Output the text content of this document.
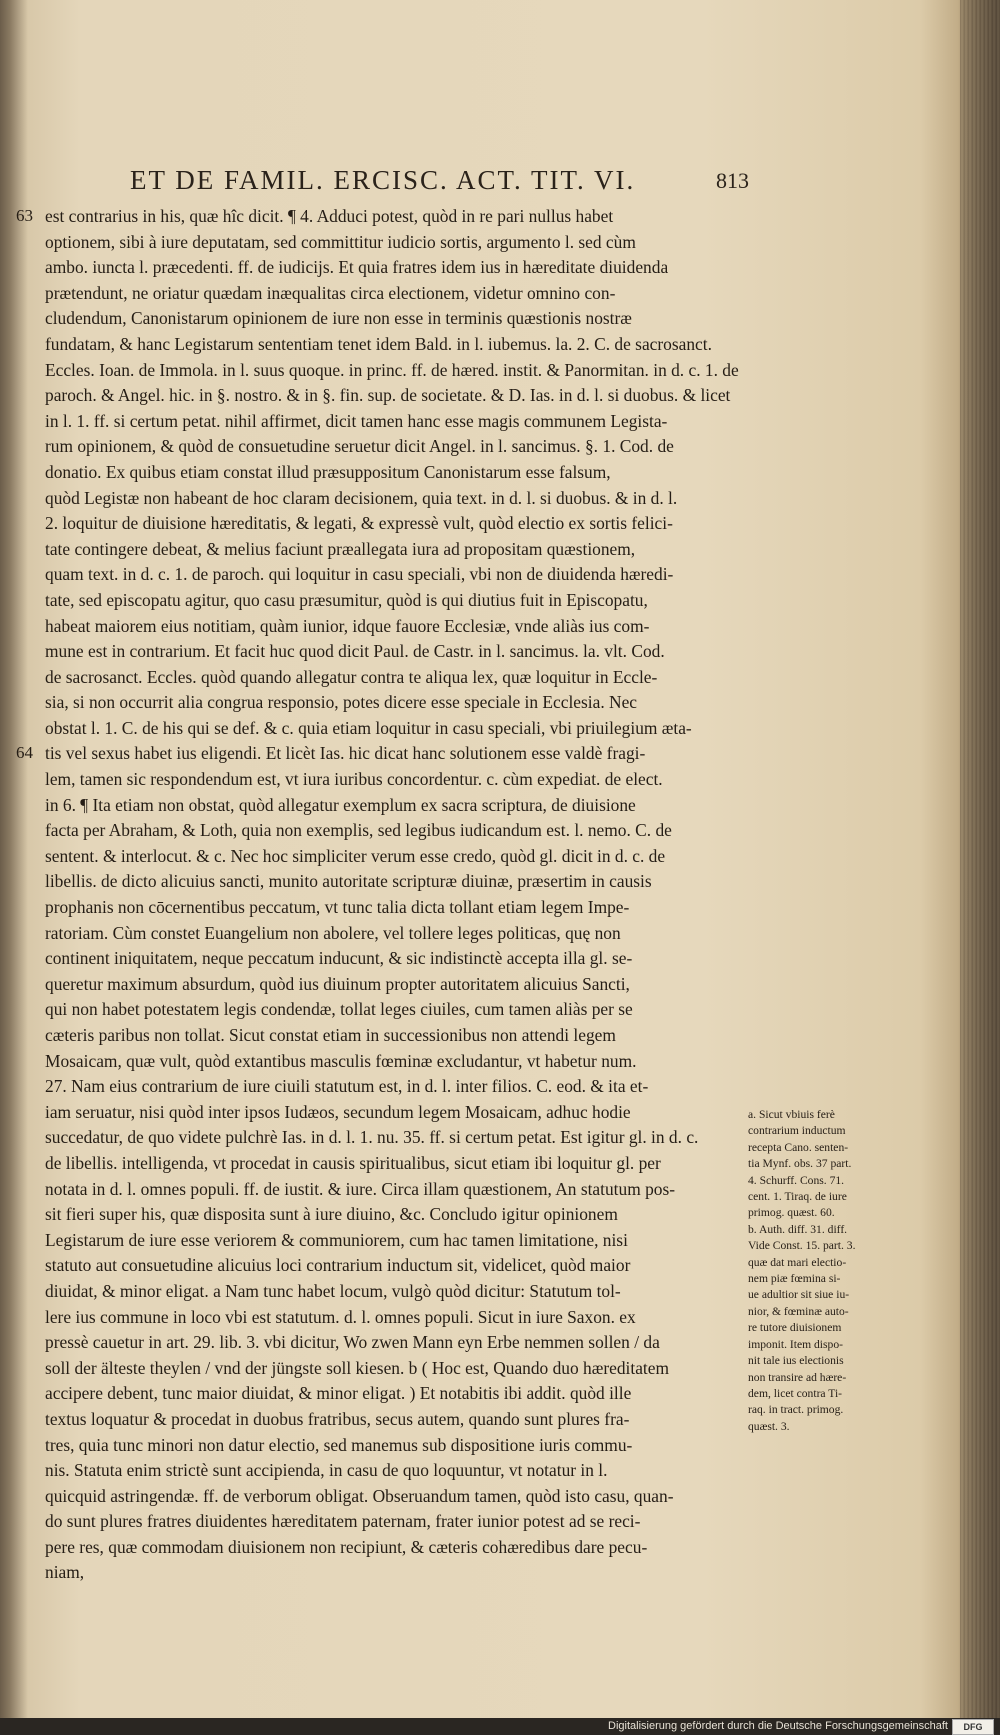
ET DE FAMIL. ERCISC. ACT. TIT. VI.	813
63
64
est contrarius in his, quæ hîc dicit. ¶ 4. Adduci potest, quòd in re pari nullus habet
optionem, sibi à iure deputatam, sed committitur iudicio sortis, argumento l. sed cùm
ambo. iuncta l. præcedenti. ff. de iudicijs. Et quia fratres idem ius in hæreditate diuidenda
prætendunt, ne oriatur quædam inæqualitas circa electionem, videtur omnino con-
cludendum, Canonistarum opinionem de iure non esse in terminis quæstionis nostræ
fundatam, & hanc Legistarum sententiam tenet idem Bald. in l. iubemus. la. 2. C. de sacrosanct.
Eccles. Ioan. de Immola. in l. suus quoque. in princ. ff. de hæred. instit. & Panormitan. in d. c. 1. de
paroch. & Angel. hic. in §. nostro. & in §. fin. sup. de societate. & D. Ias. in d. l. si duobus. & licet
in l. 1. ff. si certum petat. nihil affirmet, dicit tamen hanc esse magis communem Legista-
rum opinionem, & quòd de consuetudine seruetur dicit Angel. in l. sancimus. §. 1. Cod. de
donatio. Ex quibus etiam constat illud præsuppositum Canonistarum esse falsum,
quòd Legistæ non habeant de hoc claram decisionem, quia text. in d. l. si duobus. & in d. l.
2. loquitur de diuisione hæreditatis, & legati, & expressè vult, quòd electio ex sortis felici-
tate contingere debeat, & melius faciunt præallegata iura ad propositam quæstionem,
quam text. in d. c. 1. de paroch. qui loquitur in casu speciali, vbi non de diuidenda hæredi-
tate, sed episcopatu agitur, quo casu præsumitur, quòd is qui diutius fuit in Episcopatu,
habeat maiorem eius notitiam, quàm iunior, idque fauore Ecclesiæ, vnde aliàs ius com-
mune est in contrarium. Et facit huc quod dicit Paul. de Castr. in l. sancimus. la. vlt. Cod.
de sacrosanct. Eccles. quòd quando allegatur contra te aliqua lex, quæ loquitur in Eccle-
sia, si non occurrit alia congrua responsio, potes dicere esse speciale in Ecclesia. Nec
obstat l. 1. C. de his qui se def. & c. quia etiam loquitur in casu speciali, vbi priuilegium æta-
tis vel sexus habet ius eligendi. Et licèt Ias. hic dicat hanc solutionem esse valdè fragi-
lem, tamen sic respondendum est, vt iura iuribus concordentur. c. cùm expediat. de elect.
in 6. ¶ Ita etiam non obstat, quòd allegatur exemplum ex sacra scriptura, de diuisione
facta per Abraham, & Loth, quia non exemplis, sed legibus iudicandum est. l. nemo. C. de
sentent. & interlocut. & c. Nec hoc simpliciter verum esse credo, quòd gl. dicit in d. c. de
libellis. de dicto alicuius sancti, munito autoritate scripturæ diuinæ, præsertim in causis
prophanis non cōcernentibus peccatum, vt tunc talia dicta tollant etiam legem Impe-
ratoriam. Cùm constet Euangelium non abolere, vel tollere leges politicas, quę non
continent iniquitatem, neque peccatum inducunt, & sic indistinctè accepta illa gl. se-
queretur maximum absurdum, quòd ius diuinum propter autoritatem alicuius Sancti,
qui non habet potestatem legis condendæ, tollat leges ciuiles, cum tamen aliàs per se
cæteris paribus non tollat. Sicut constat etiam in successionibus non attendi legem
Mosaicam, quæ vult, quòd extantibus masculis fœminæ excludantur, vt habetur num.
27. Nam eius contrarium de iure ciuili statutum est, in d. l. inter filios. C. eod. & ita et-
iam seruatur, nisi quòd inter ipsos Iudæos, secundum legem Mosaicam, adhuc hodie
succedatur, de quo videte pulchrè Ias. in d. l. 1. nu. 35. ff. si certum petat. Est igitur gl. in d. c.
de libellis. intelligenda, vt procedat in causis spiritualibus, sicut etiam ibi loquitur gl. per
notata in d. l. omnes populi. ff. de iustit. & iure. Circa illam quæstionem, An statutum pos-
sit fieri super his, quæ disposita sunt à iure diuino, &c. Concludo igitur opinionem
Legistarum de iure esse veriorem & communiorem, cum hac tamen limitatione, nisi
statuto aut consuetudine alicuius loci contrarium inductum sit, videlicet, quòd maior
diuidat, & minor eligat. a Nam tunc habet locum, vulgò quòd dicitur: Statutum tol-
lere ius commune in loco vbi est statutum. d. l. omnes populi. Sicut in iure Saxon. ex
pressè cauetur in art. 29. lib. 3. vbi dicitur, Wo zwen Mann eyn Erbe nemmen sollen / da
soll der älteste theylen / vnd der jüngste soll kiesen. b ( Hoc est, Quando duo hæreditatem
accipere debent, tunc maior diuidat, & minor eligat. ) Et notabitis ibi addit. quòd ille
textus loquatur & procedat in duobus fratribus, secus autem, quando sunt plures fra-
tres, quia tunc minori non datur electio, sed manemus sub dispositione iuris commu-
nis. Statuta enim strictè sunt accipienda, in casu de quo loquuntur, vt notatur in l.
quicquid astringendæ. ff. de verborum obligat. Obseruandum tamen, quòd isto casu, quan-
do sunt plures fratres diuidentes hæreditatem paternam, frater iunior potest ad se reci-
pere res, quæ commodam diuisionem non recipiunt, & cæteris cohæredibus dare pecu-
niam,
a. Sicut vbiuis ferè
contrarium inductum
recepta Cano. senten-
tia Mynf. obs. 37 part.
4. Schurff. Cons. 71.
cent. 1. Tiraq. de iure
primog. quæst. 60.
b. Auth. diff. 31. diff.
Vide Const. 15. part. 3.
quæ dat mari electio-
nem piæ fœmina si-
ue adultior sit siue iu-
nior, & fœminæ auto-
re tutore diuisionem
imponit. Item dispo-
nit tale ius electionis
non transire ad hære-
dem, licet contra Ti-
raq. in tract. primog.
quæst. 3.
Digitalisierung gefördert durch die Deutsche Forschungsgemeinschaft	DFG
